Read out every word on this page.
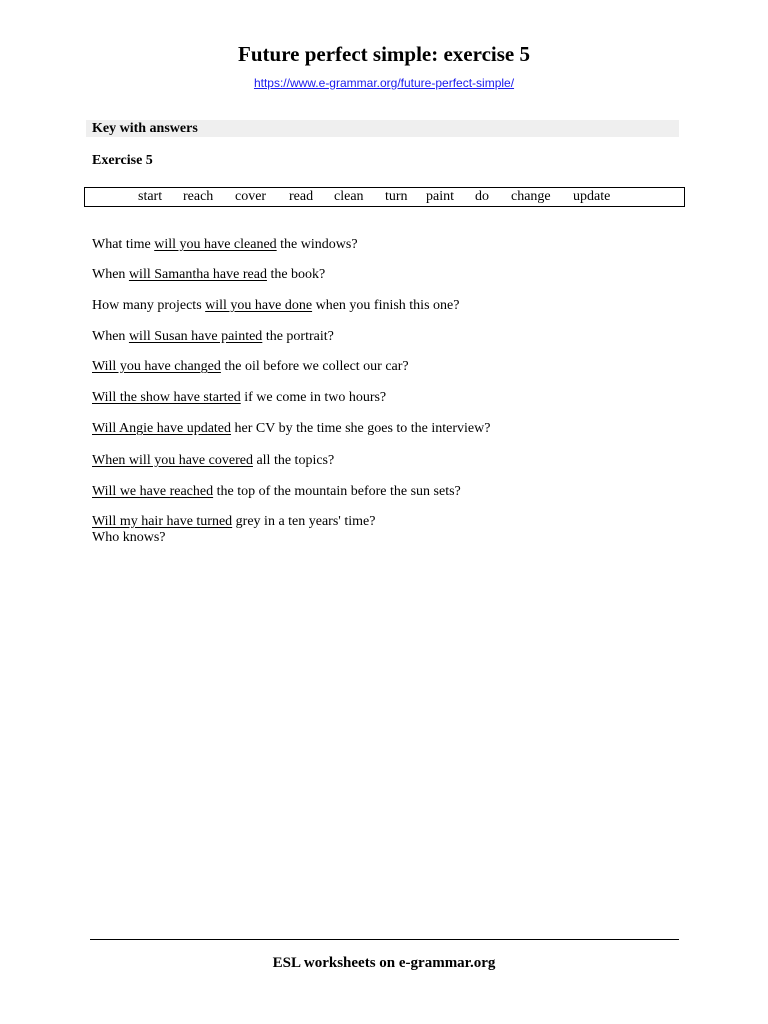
Future perfect simple: exercise 5
https://www.e-grammar.org/future-perfect-simple/
Key with answers
Exercise 5
start reach cover read clean turn paint do change update
What time will you have cleaned the windows?
When will Samantha have read the book?
How many projects will you have done when you finish this one?
When will Susan have painted the portrait?
Will you have changed the oil before we collect our car?
Will the show have started if we come in two hours?
Will Angie have updated her CV by the time she goes to the interview?
When will you have covered all the topics?
Will we have reached the top of the mountain before the sun sets?
Will my hair have turned grey in a ten years' time?
Who knows?
ESL worksheets on e-grammar.org
